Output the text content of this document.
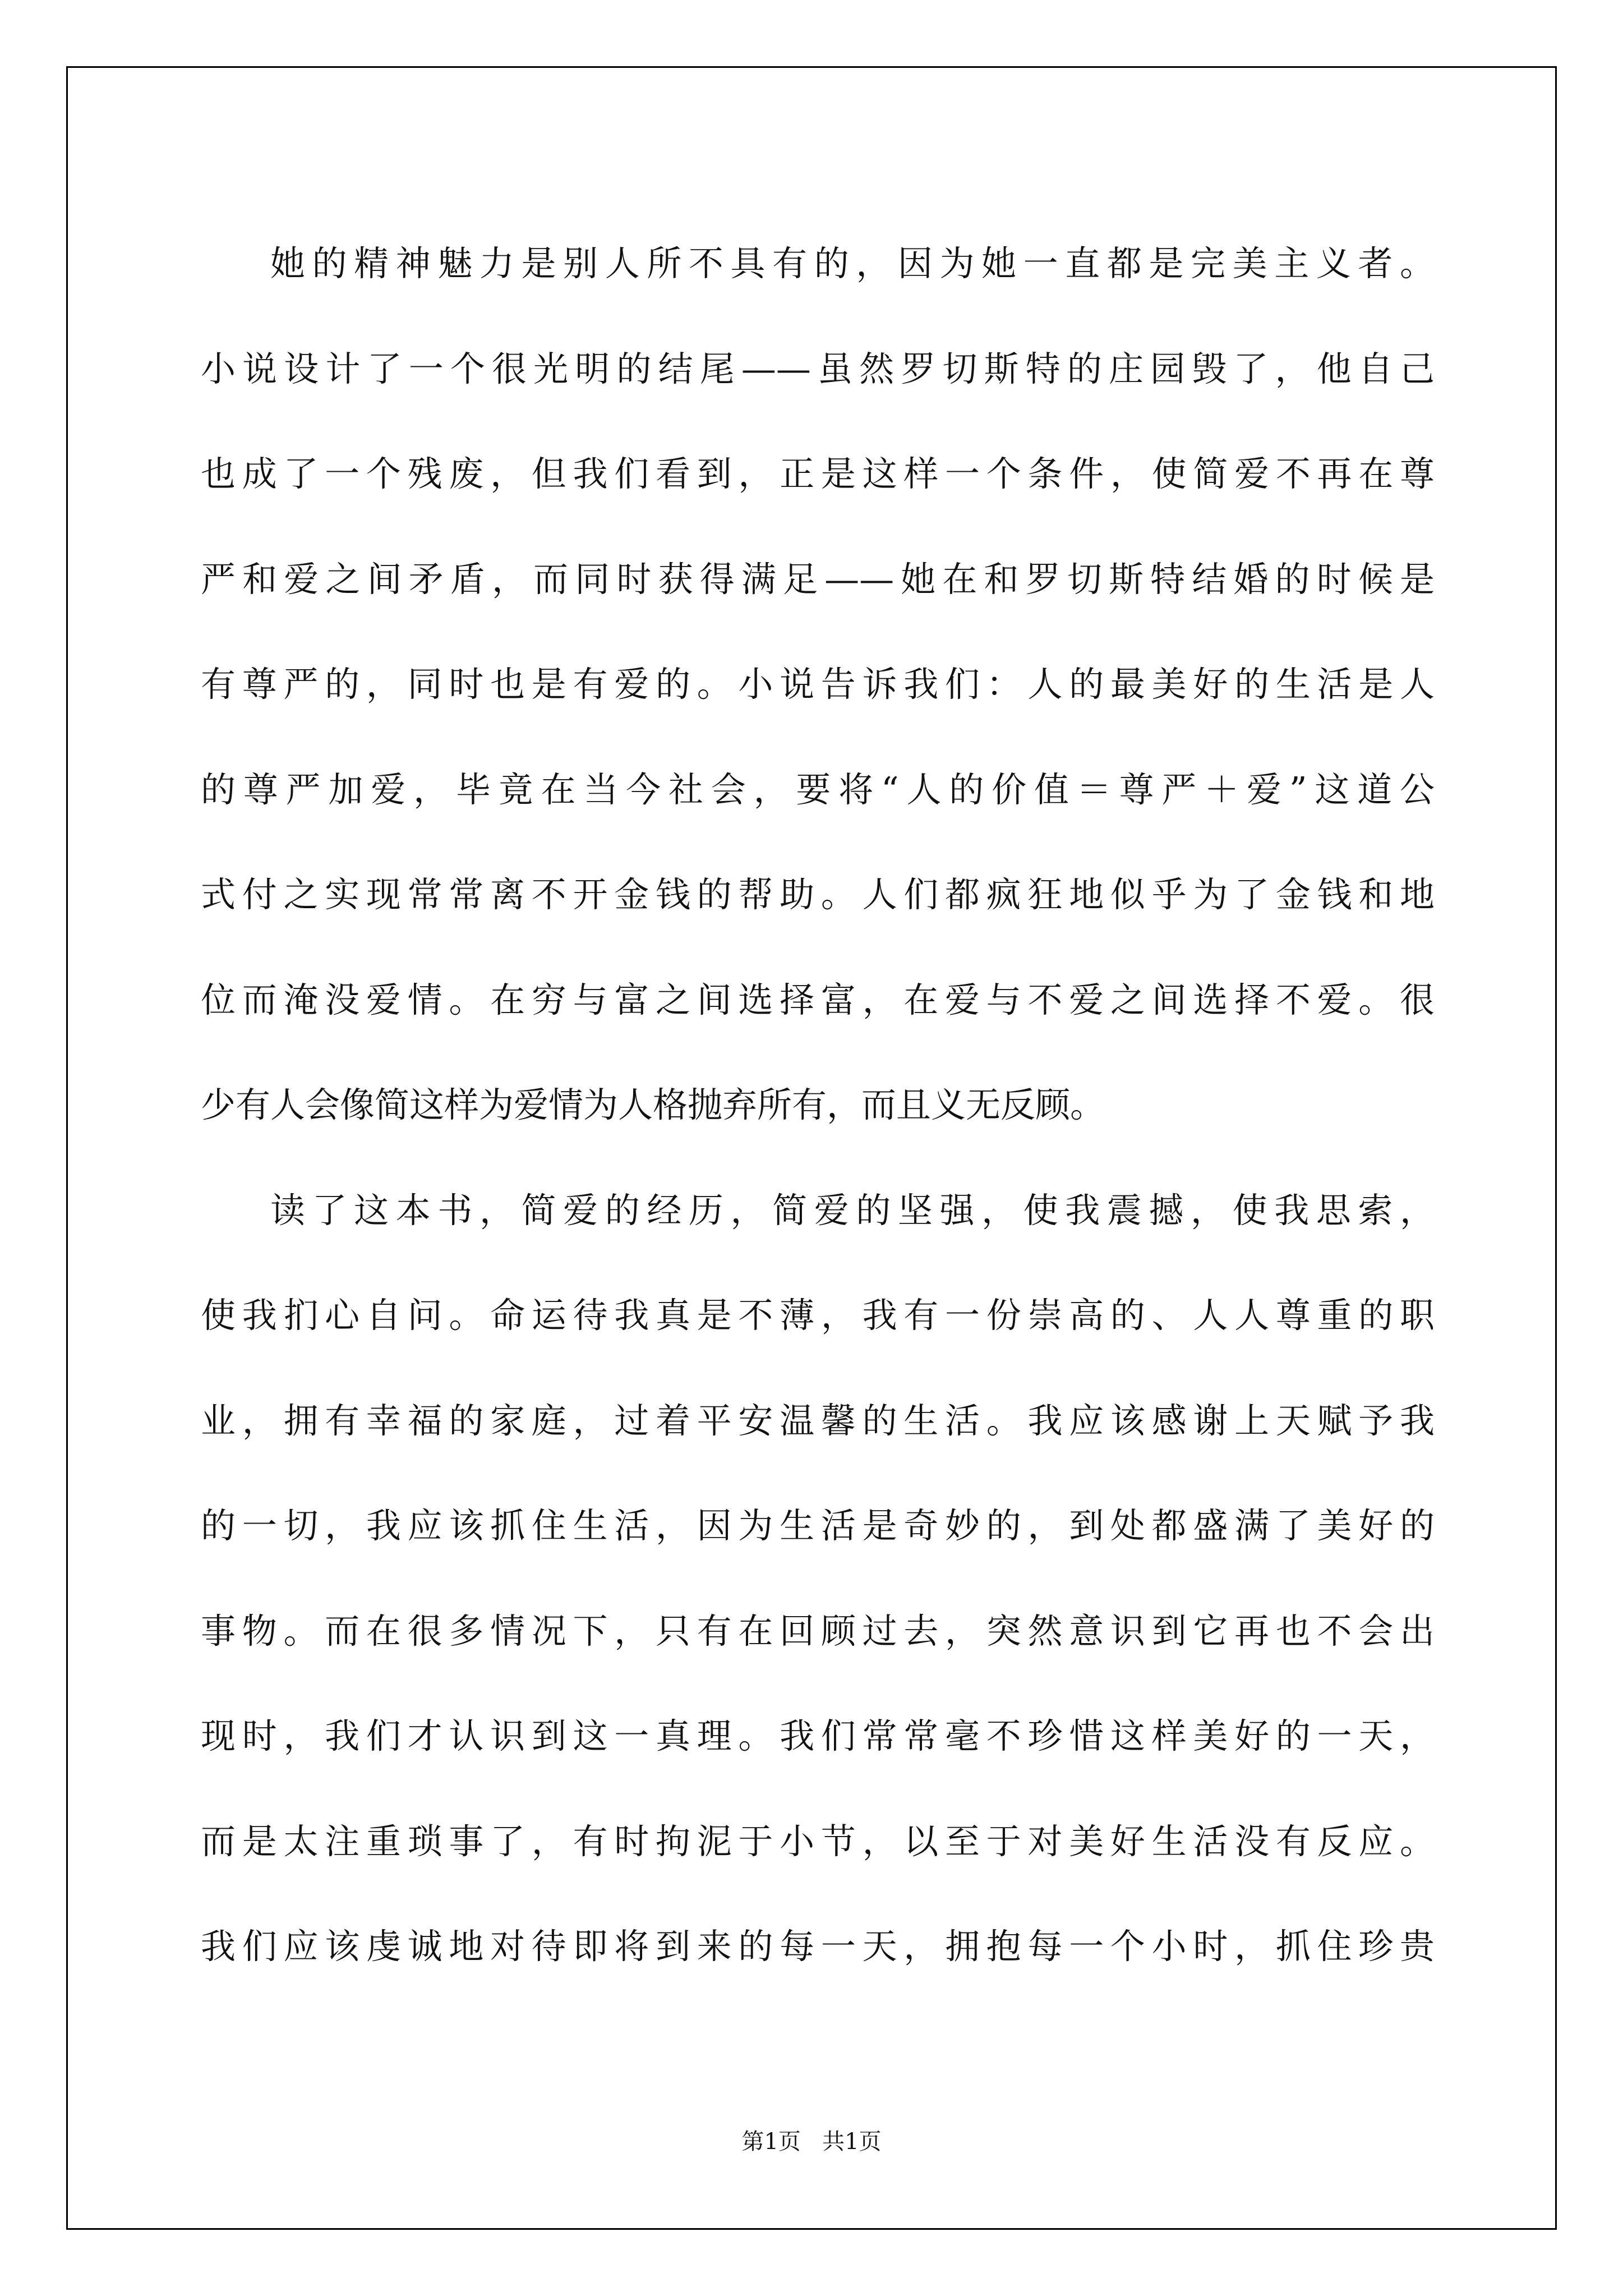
她的精神魅力是别人所不具有的，因为她一直都是完美主义者。
小说设计了一个很光明的结尾——虽然罗切斯特的庄园毁了，他自己
也成了一个残废，但我们看到，正是这样一个条件，使简爱不再在尊
严和爱之间矛盾，而同时获得满足——她在和罗切斯特结婚的时候是
有尊严的，同时也是有爱的。小说告诉我们：人的最美好的生活是人
的尊严加爱，毕竟在当今社会，要将“人的价值＝尊严＋爱”这道公
式付之实现常常离不开金钱的帮助。人们都疯狂地似乎为了金钱和地
位而淹没爱情。在穷与富之间选择富，在爱与不爱之间选择不爱。很
少有人会像简这样为爱情为人格抛弃所有，而且义无反顾。
读了这本书，简爱的经历，简爱的坚强，使我震撼，使我思索，
使我扪心自问。命运待我真是不薄，我有一份崇高的、人人尊重的职
业，拥有幸福的家庭，过着平安温馨的生活。我应该感谢上天赋予我
的一切，我应该抓住生活，因为生活是奇妙的，到处都盛满了美好的
事物。而在很多情况下，只有在回顾过去，突然意识到它再也不会出
现时，我们才认识到这一真理。我们常常毫不珍惜这样美好的一天，
而是太注重琐事了，有时拘泥于小节，以至于对美好生活没有反应。
我们应该虔诚地对待即将到来的每一天，拥抱每一个小时，抓住珍贵
第1页 共1页
